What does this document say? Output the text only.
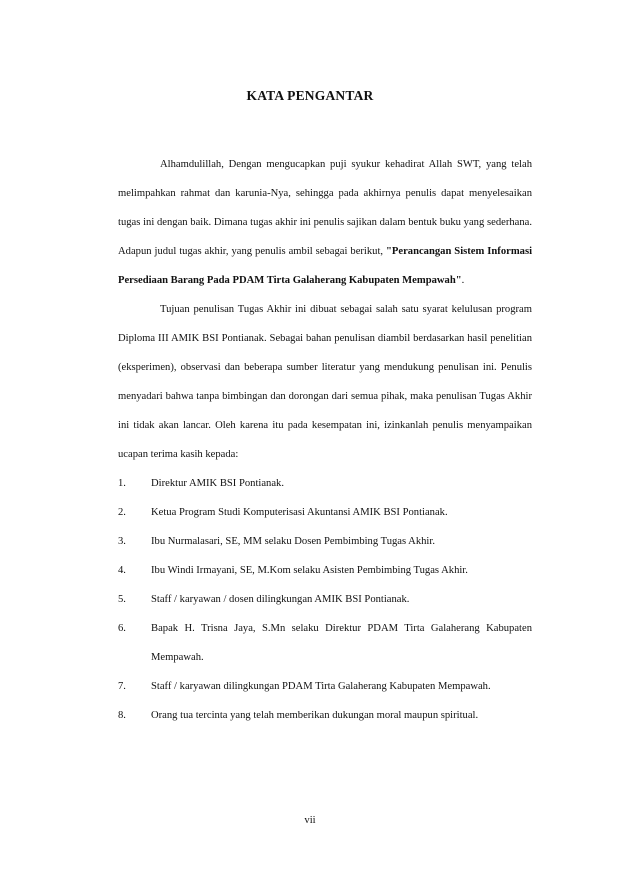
KATA PENGANTAR

Alhamdulillah, Dengan mengucapkan puji syukur kehadirat Allah SWT, yang telah melimpahkan rahmat dan karunia-Nya, sehingga pada akhirnya penulis dapat menyelesaikan tugas ini dengan baik. Dimana tugas akhir ini penulis sajikan dalam bentuk buku yang sederhana. Adapun judul tugas akhir, yang penulis ambil sebagai berikut, "Perancangan Sistem Informasi Persediaan Barang Pada PDAM Tirta Galaherang Kabupaten Mempawah".

Tujuan penulisan Tugas Akhir ini dibuat sebagai salah satu syarat kelulusan program Diploma III AMIK BSI Pontianak. Sebagai bahan penulisan diambil berdasarkan hasil penelitian (eksperimen), observasi dan beberapa sumber literatur yang mendukung penulisan ini. Penulis menyadari bahwa tanpa bimbingan dan dorongan dari semua pihak, maka penulisan Tugas Akhir ini tidak akan lancar. Oleh karena itu pada kesempatan ini, izinkanlah penulis menyampaikan ucapan terima kasih kepada:

1. Direktur AMIK BSI Pontianak.
2. Ketua Program Studi Komputerisasi Akuntansi AMIK BSI Pontianak.
3. Ibu Nurmalasari, SE, MM selaku Dosen Pembimbing Tugas Akhir.
4. Ibu Windi Irmayani, SE, M.Kom selaku Asisten Pembimbing Tugas Akhir.
5. Staff / karyawan / dosen dilingkungan AMIK BSI Pontianak.
6. Bapak H. Trisna Jaya, S.Mn selaku Direktur PDAM Tirta Galaherang Kabupaten Mempawah.
7. Staff / karyawan dilingkungan PDAM Tirta Galaherang Kabupaten Mempawah.
8. Orang tua tercinta yang telah memberikan dukungan moral maupun spiritual.
vii
